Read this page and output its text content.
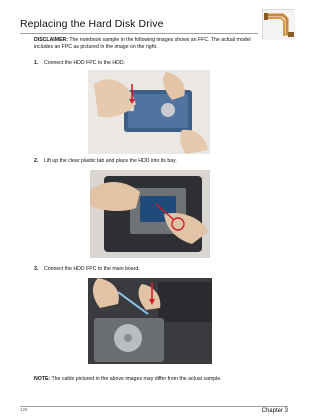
Replacing the Hard Disk Drive
DISCLAIMER: The notebook sample in the following images shows an FFC. The actual model includes an FPC as pictured in the image on the right.
1. Connect the HDD FPC to the HDD.
2. Lift up the clear plastic tab and place the HDD into its bay.
3. Connect the HDD FPC to the main board.
NOTE: The cable pictured in the above images may differ from the actual sample.
126	Chapter 3
